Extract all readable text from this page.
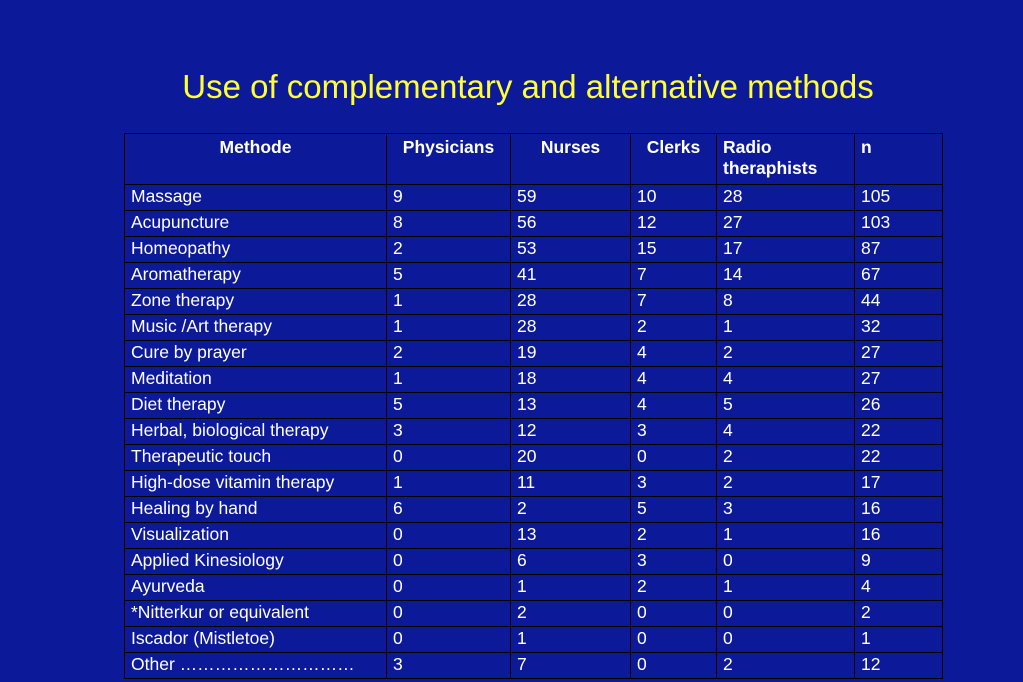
Use of complementary and alternative methods
Methode	Physicians	Nurses	Clerks	Radio theraphists	n
Massage	9	59	10	28	105
Acupuncture	8	56	12	27	103
Homeopathy	2	53	15	17	87
Aromatherapy	5	41	7	14	67
Zone therapy	1	28	7	8	44
Music /Art therapy	1	28	2	1	32
Cure by prayer	2	19	4	2	27
Meditation	1	18	4	4	27
Diet therapy	5	13	4	5	26
Herbal, biological therapy	3	12	3	4	22
Therapeutic touch	0	20	0	2	22
High-dose vitamin therapy	1	11	3	2	17
Healing by hand	6	2	5	3	16
Visualization	0	13	2	1	16
Applied Kinesiology	0	6	3	0	9
Ayurveda	0	1	2	1	4
*Nitterkur or equivalent	0	2	0	0	2
Iscador (Mistletoe)	0	1	0	0	1
Other …………………………	3	7	0	2	12
